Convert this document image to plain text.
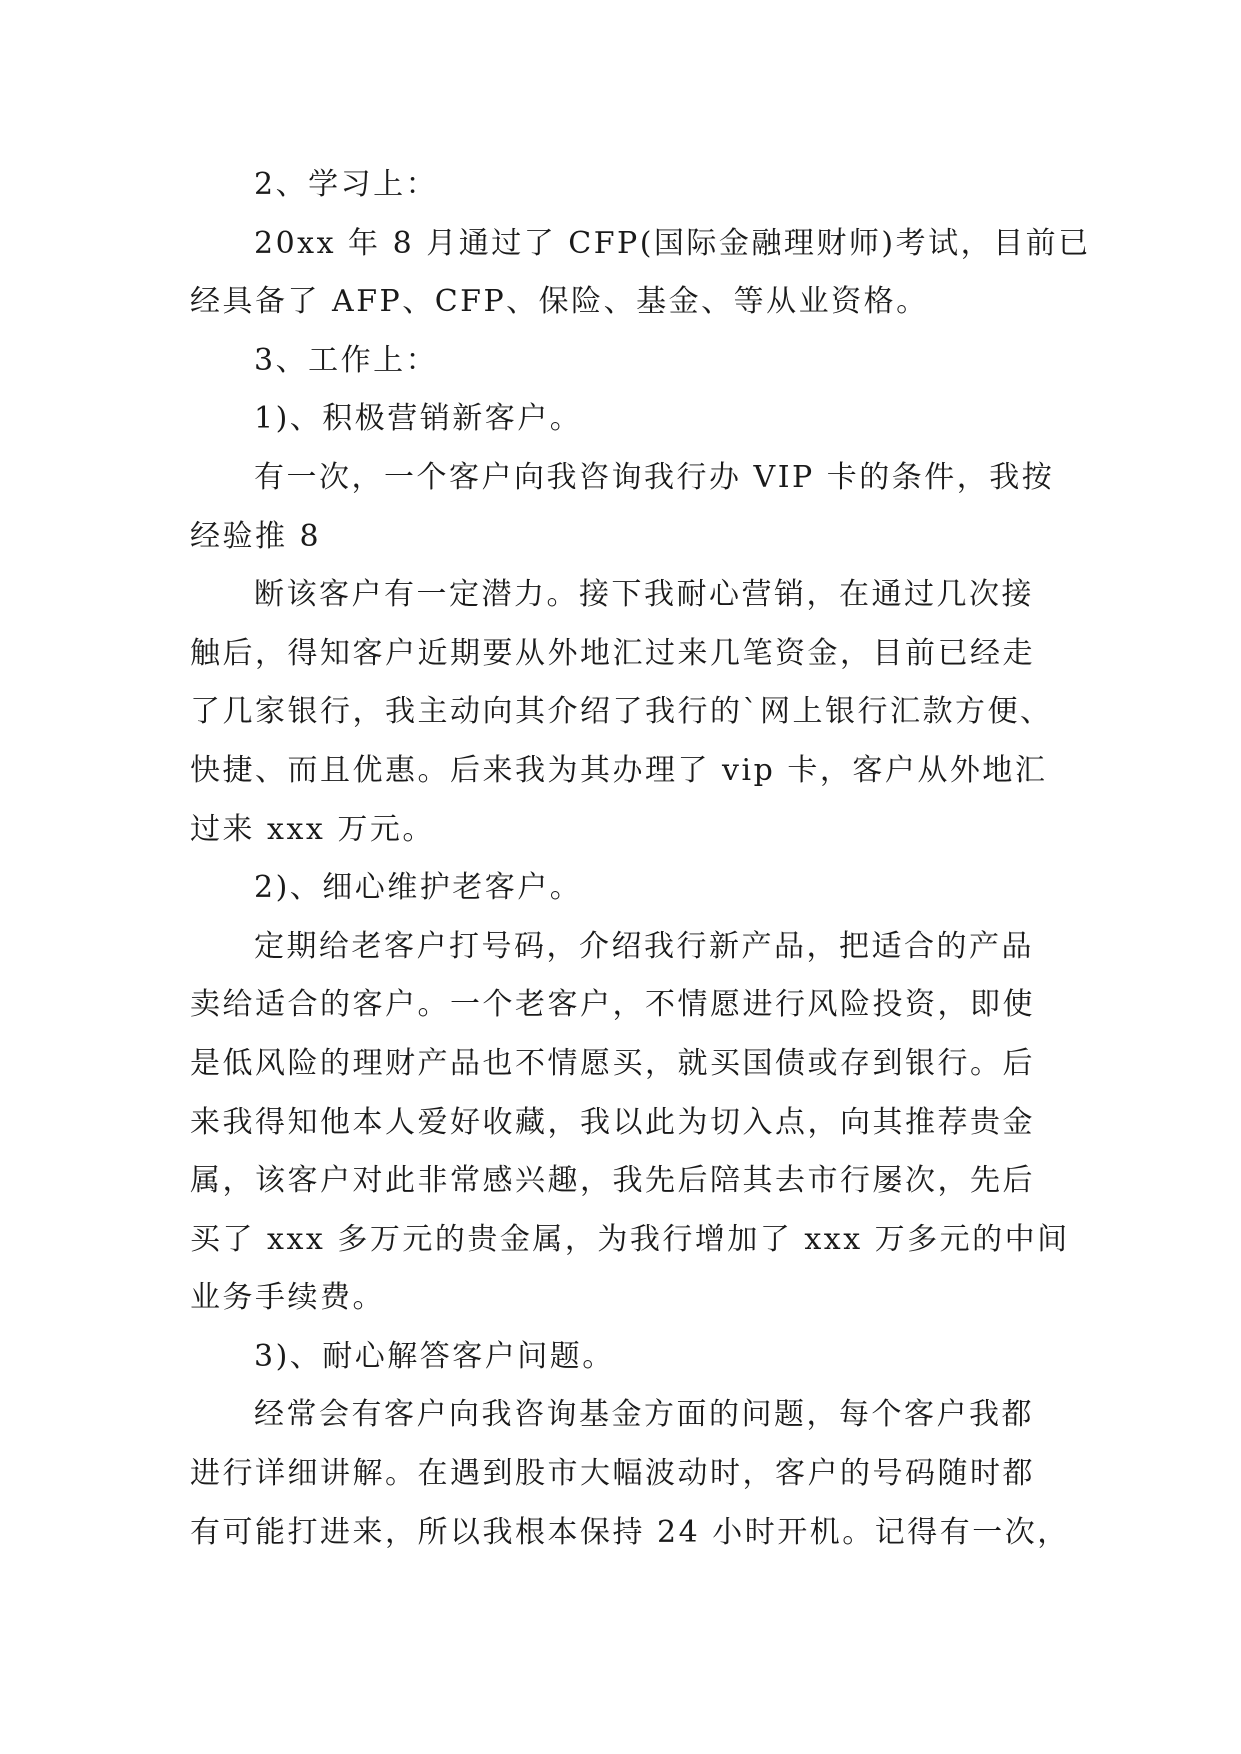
2、学习上：
20xx 年 8 月通过了 CFP(国际金融理财师)考试，目前已
经具备了 AFP、CFP、保险、基金、等从业资格。
3、工作上：
1)、积极营销新客户。
有一次，一个客户向我咨询我行办 VIP 卡的条件，我按
经验推 8
断该客户有一定潜力。接下我耐心营销，在通过几次接
触后，得知客户近期要从外地汇过来几笔资金，目前已经走
了几家银行，我主动向其介绍了我行的`网上银行汇款方便、
快捷、而且优惠。后来我为其办理了 vip 卡，客户从外地汇
过来 xxx 万元。
2)、细心维护老客户。
定期给老客户打号码，介绍我行新产品，把适合的产品
卖给适合的客户。一个老客户，不情愿进行风险投资，即使
是低风险的理财产品也不情愿买，就买国债或存到银行。后
来我得知他本人爱好收藏，我以此为切入点，向其推荐贵金
属，该客户对此非常感兴趣，我先后陪其去市行屡次，先后
买了 xxx 多万元的贵金属，为我行增加了 xxx 万多元的中间
业务手续费。
3)、耐心解答客户问题。
经常会有客户向我咨询基金方面的问题，每个客户我都
进行详细讲解。在遇到股市大幅波动时，客户的号码随时都
有可能打进来，所以我根本保持 24 小时开机。记得有一次，
